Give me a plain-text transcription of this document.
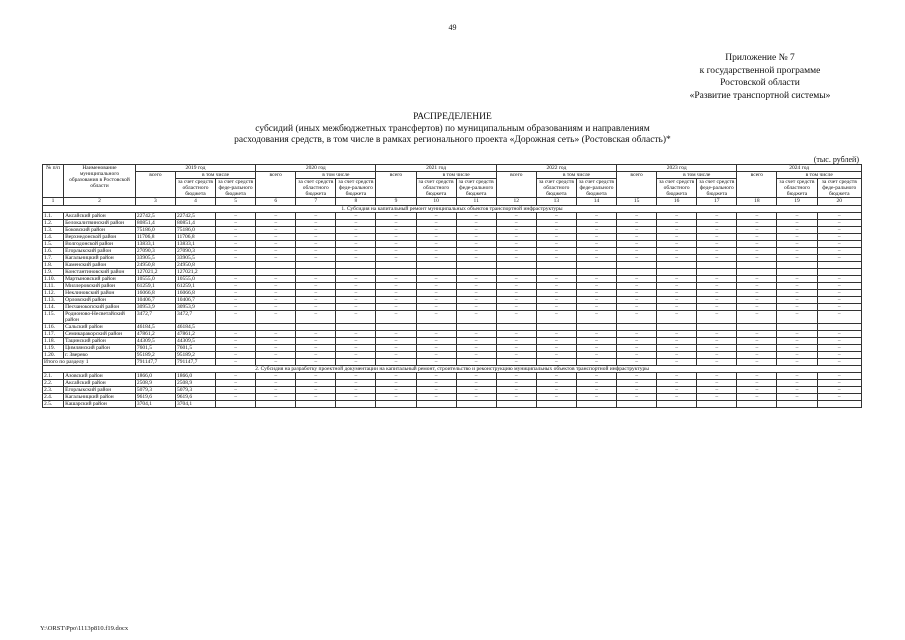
49
Приложение № 7
к государственной программе
Ростовской области
«Развитие транспортной системы»
РАСПРЕДЕЛЕНИЕ
субсидий (иных межбюджетных трансфертов) по муниципальным образованиям и направлениям
расходования средств, в том числе в рамках регионального проекта «Дорожная сеть» (Ростовская область)*
(тыс. рублей)
№ п/п	Наименование муниципального образования в Ростовской области	2019 год			2020 год			2021 год			2022 год			2023 год			2024 год		
		всего	в том числе		всего	в том числе		всего	в том числе		всего	в том числе		всего	в том числе		всего	в том числе	
			за счет средств областного бюджета	за счет средств феде-рального бюджета		за счет средств областного бюджета	за счет средств феде-рального бюджета		за счет средств областного бюджета	за счет средств феде-рального бюджета		за счет средств областного бюджета	за счет средств феде-рального бюджета		за счет средств областного бюджета	за счет средств феде-рального бюджета		за счет средств областного бюджета	за счет средств феде-рального бюджета
1	2	3	4	5	6	7	8	9	10	11	12	13	14	15	16	17	18	19	20
1. Субсидия на капитальный ремонт муниципальных объектов транспортной инфраструктуры																			
1.1.	Аксайский район	22742,5	22742,5	–	–	–	–	–	–	–	–	–	–	–	–	–	–	–	–
1.2.	Белокалитвинский район	80851,4	80851,4	–	–	–	–	–	–	–	–	–	–	–	–	–	–	–	–
1.3.	Боковский район	75186,0	75186,0	–	–	–	–	–	–	–	–	–	–	–	–	–	–	–	–
1.4.	Верхнедонской район	11706,8	11706,8	–	–	–	–	–	–	–	–	–	–	–	–	–	–	–	–
1.5.	Волгодонской район	13833,1	13833,1	–	–	–	–	–	–	–	–	–	–	–	–	–	–	–	–
1.6.	Егорлыкский район	27090,3	27090,3	–	–	–	–	–	–	–	–	–	–	–	–	–	–	–	–
1.7.	Кагальницкий район	33905,5	33905,5	–	–	–	–	–	–	–	–	–	–	–	–	–	–	–	–
1.8.	Каменский район	24950,8	24950,8																
1.9.	Константиновский район	127021,2	127021,2																
1.10.	Мартыновский район	10555,0	10555,0	–	–	–	–	–	–	–	–	–	–	–	–	–	–	–	–
1.11.	Миллеровский район	61259,1	61259,1	–	–	–	–	–	–	–	–	–	–	–	–	–	–	–	–
1.12.	Неклиновский район	16066,8	16066,8	–	–	–	–	–	–	–	–	–	–	–	–	–	–	–	–
1.13.	Орловский район	10406,7	10406,7	–	–	–	–	–	–	–	–	–	–	–	–	–	–	–	–
1.14.	Песчанокопский район	30953,9	30953,9	–	–	–	–	–	–	–	–	–	–	–	–	–	–	–	–
1.15.	Родионово-Несветайский район	3472,7	3472,7	–	–	–	–	–	–	–	–	–	–	–	–	–	–	–	–
1.16.	Сальский район	46184,5	46184,5																
1.17.	Семикаракорский район	47861,2	47861,2	–	–	–	–	–	–	–	–	–	–	–	–	–	–	–	–
1.18.	Тацинский район	44309,5	44309,5	–	–	–	–	–	–	–	–	–	–	–	–	–	–	–	–
1.19.	Цимлянский район	7601,5	7601,5	–	–	–	–	–	–	–	–	–	–	–	–	–	–	–	–
1.20.	г. Зверево	95189,2	95189,2	–	–	–	–	–	–	–	–	–	–	–	–	–	–	–	–
Итого по разделу 1		791147,7	791147,7	–	–	–	–	–	–	–	–	–	–	–	–	–	–	–	–
2. Субсидия на разработку проектной документации на капитальный ремонт, строительство и реконструкцию муниципальных объектов транспортной инфраструктуры																			
2.1.	Азовский район	1866,0	1866,0	–	–	–	–	–	–	–	–	–	–	–	–	–	–	–	–
2.2.	Аксайский район	2508,9	2508,9	–	–	–	–	–	–	–	–	–	–	–	–	–	–	–	–
2.3.	Егорлыкский район	5079,3	5079,3	–	–	–	–	–	–	–	–	–	–	–	–	–	–	–	–
2.4.	Кагальницкий район	9619,6	9619,6	–	–	–	–	–	–	–	–	–	–	–	–	–	–	–	–
2.5.	Кашарский район	3704,1	3704,1																
Y:\ORST\Ppo\1113p810.f19.docx
